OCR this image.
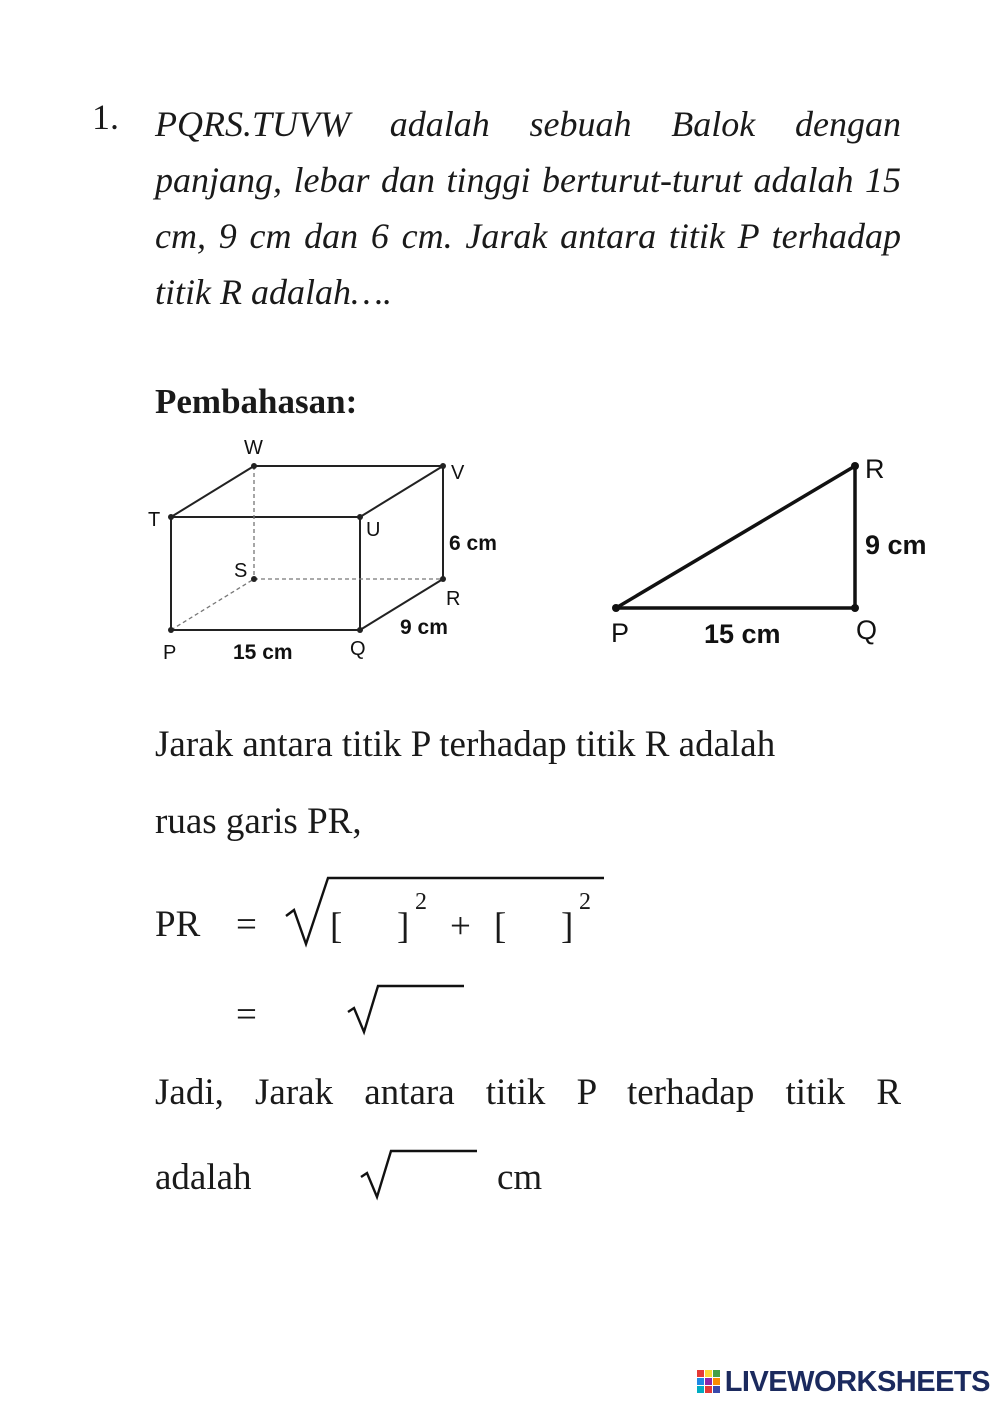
1. PQRS.TUVW adalah sebuah Balok dengan panjang, lebar dan tinggi berturut-turut adalah 15 cm, 9 cm dan 6 cm. Jarak antara titik P terhadap titik R adalah….
Pembahasan:
W
V
T	U
S
R
P	Q
15 cm
9 cm
6 cm
R
P	Q
15 cm
9 cm
Jarak antara titik P terhadap titik R adalah
ruas garis PR,
PR = [ ]
2
+ [ ]
2
=
Jadi, Jarak antara titik P terhadap titik R
adalah	cm
LIVEWORKSHEETS
